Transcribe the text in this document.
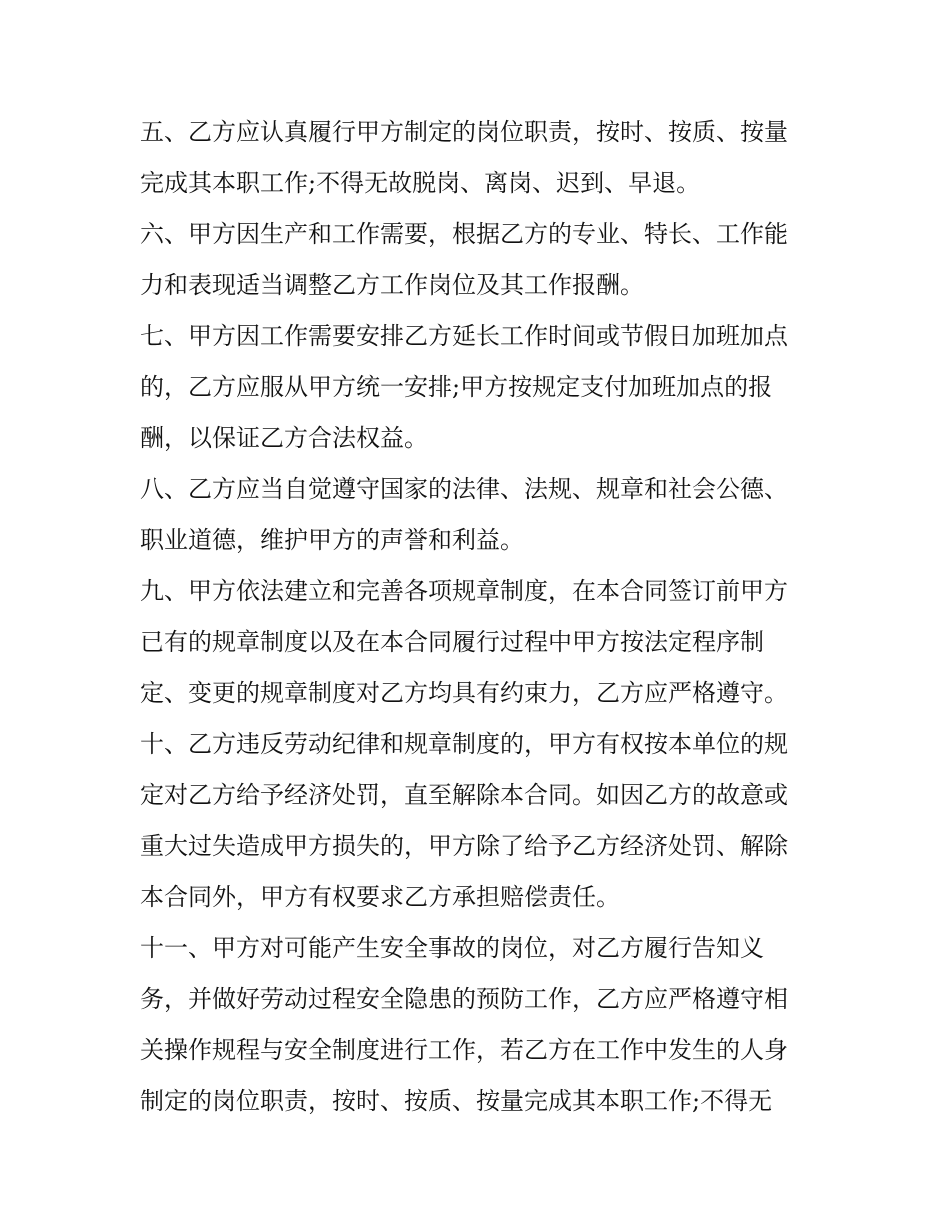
五、乙方应认真履行甲方制定的岗位职责，按时、按质、按量
完成其本职工作;不得无故脱岗、离岗、迟到、早退。
六、甲方因生产和工作需要，根据乙方的专业、特长、工作能
力和表现适当调整乙方工作岗位及其工作报酬。
七、甲方因工作需要安排乙方延长工作时间或节假日加班加点
的，乙方应服从甲方统一安排;甲方按规定支付加班加点的报
酬，以保证乙方合法权益。
八、乙方应当自觉遵守国家的法律、法规、规章和社会公德、
职业道德，维护甲方的声誉和利益。
九、甲方依法建立和完善各项规章制度，在本合同签订前甲方
已有的规章制度以及在本合同履行过程中甲方按法定程序制
定、变更的规章制度对乙方均具有约束力，乙方应严格遵守。
十、乙方违反劳动纪律和规章制度的，甲方有权按本单位的规
定对乙方给予经济处罚，直至解除本合同。如因乙方的故意或
重大过失造成甲方损失的，甲方除了给予乙方经济处罚、解除
本合同外，甲方有权要求乙方承担赔偿责任。
十一、甲方对可能产生安全事故的岗位，对乙方履行告知义
务，并做好劳动过程安全隐患的预防工作，乙方应严格遵守相
关操作规程与安全制度进行工作，若乙方在工作中发生的人身
制定的岗位职责，按时、按质、按量完成其本职工作;不得无
